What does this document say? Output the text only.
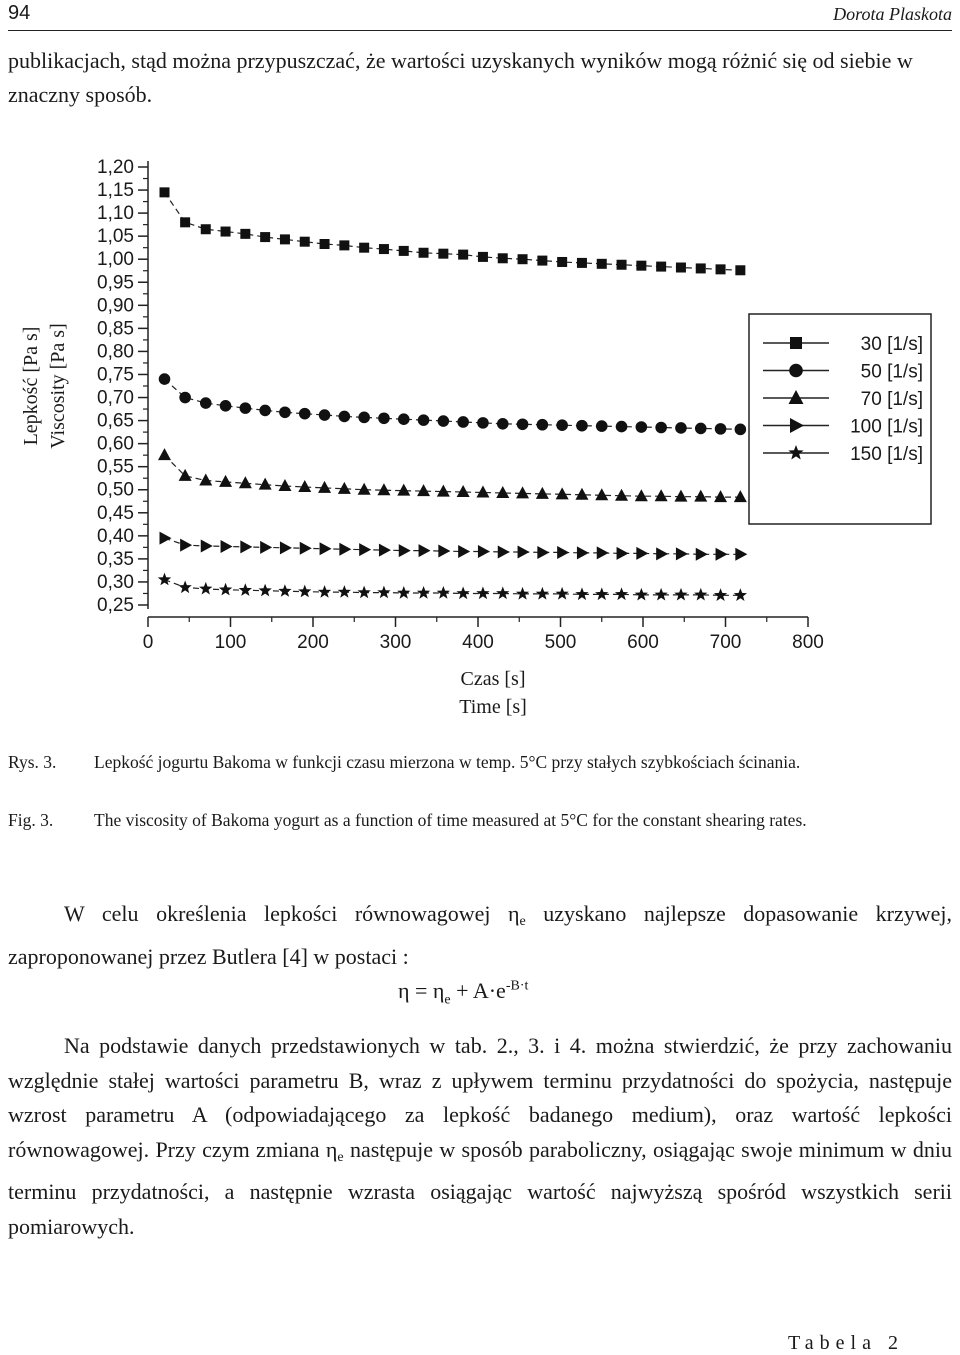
94	Dorota Plaskota

publikacjach, stąd można przypuszczać, że wartości uzyskanych wyników mogą różnić się od siebie w znaczny sposób.

0,25
0,30
0,35
0,40
0,45
0,50
0,55
0,60
0,65
0,70
0,75
0,80
0,85
0,90
0,95
1,00
1,05
1,10
1,15
1,20
0	100	200	300	400	500	600	700	800
Czas [s]
Time [s]
Lepkość [Pa s] Viscosity [Pa s]	30 [1/s]
50 [1/s]
70 [1/s]
100 [1/s]
150 [1/s]
Rys. 3. Lepkość jogurtu Bakoma w funkcji czasu mierzona w temp. 5°C przy stałych szybkościach ścinania.
Fig. 3. The viscosity of Bakoma yogurt as a function of time measured at 5°C for the constant shearing rates.

W celu określenia lepkości równowagowej $\eta_e$ uzyskano najlepsze dopasowanie krzywej, zaproponowanej przez Butlera [4] w postaci :

$\eta = \eta_e + A\cdot e^{-B\cdot t}$

Na podstawie danych przedstawionych w tab. 2., 3. i 4. można stwierdzić, że przy zachowaniu względnie stałej wartości parametru B, wraz z upływem terminu przydatności do spożycia, następuje wzrost parametru A (odpowiadającego za lepkość badanego medium), oraz wartość lepkości równowagowej. Przy czym zmiana $\eta_e$ następuje w sposób paraboliczny, osiągając swoje minimum w dniu terminu przydatności, a następnie wzrasta osiągając wartość najwyższą spośród wszystkich serii pomiarowych.

Tabela 2
